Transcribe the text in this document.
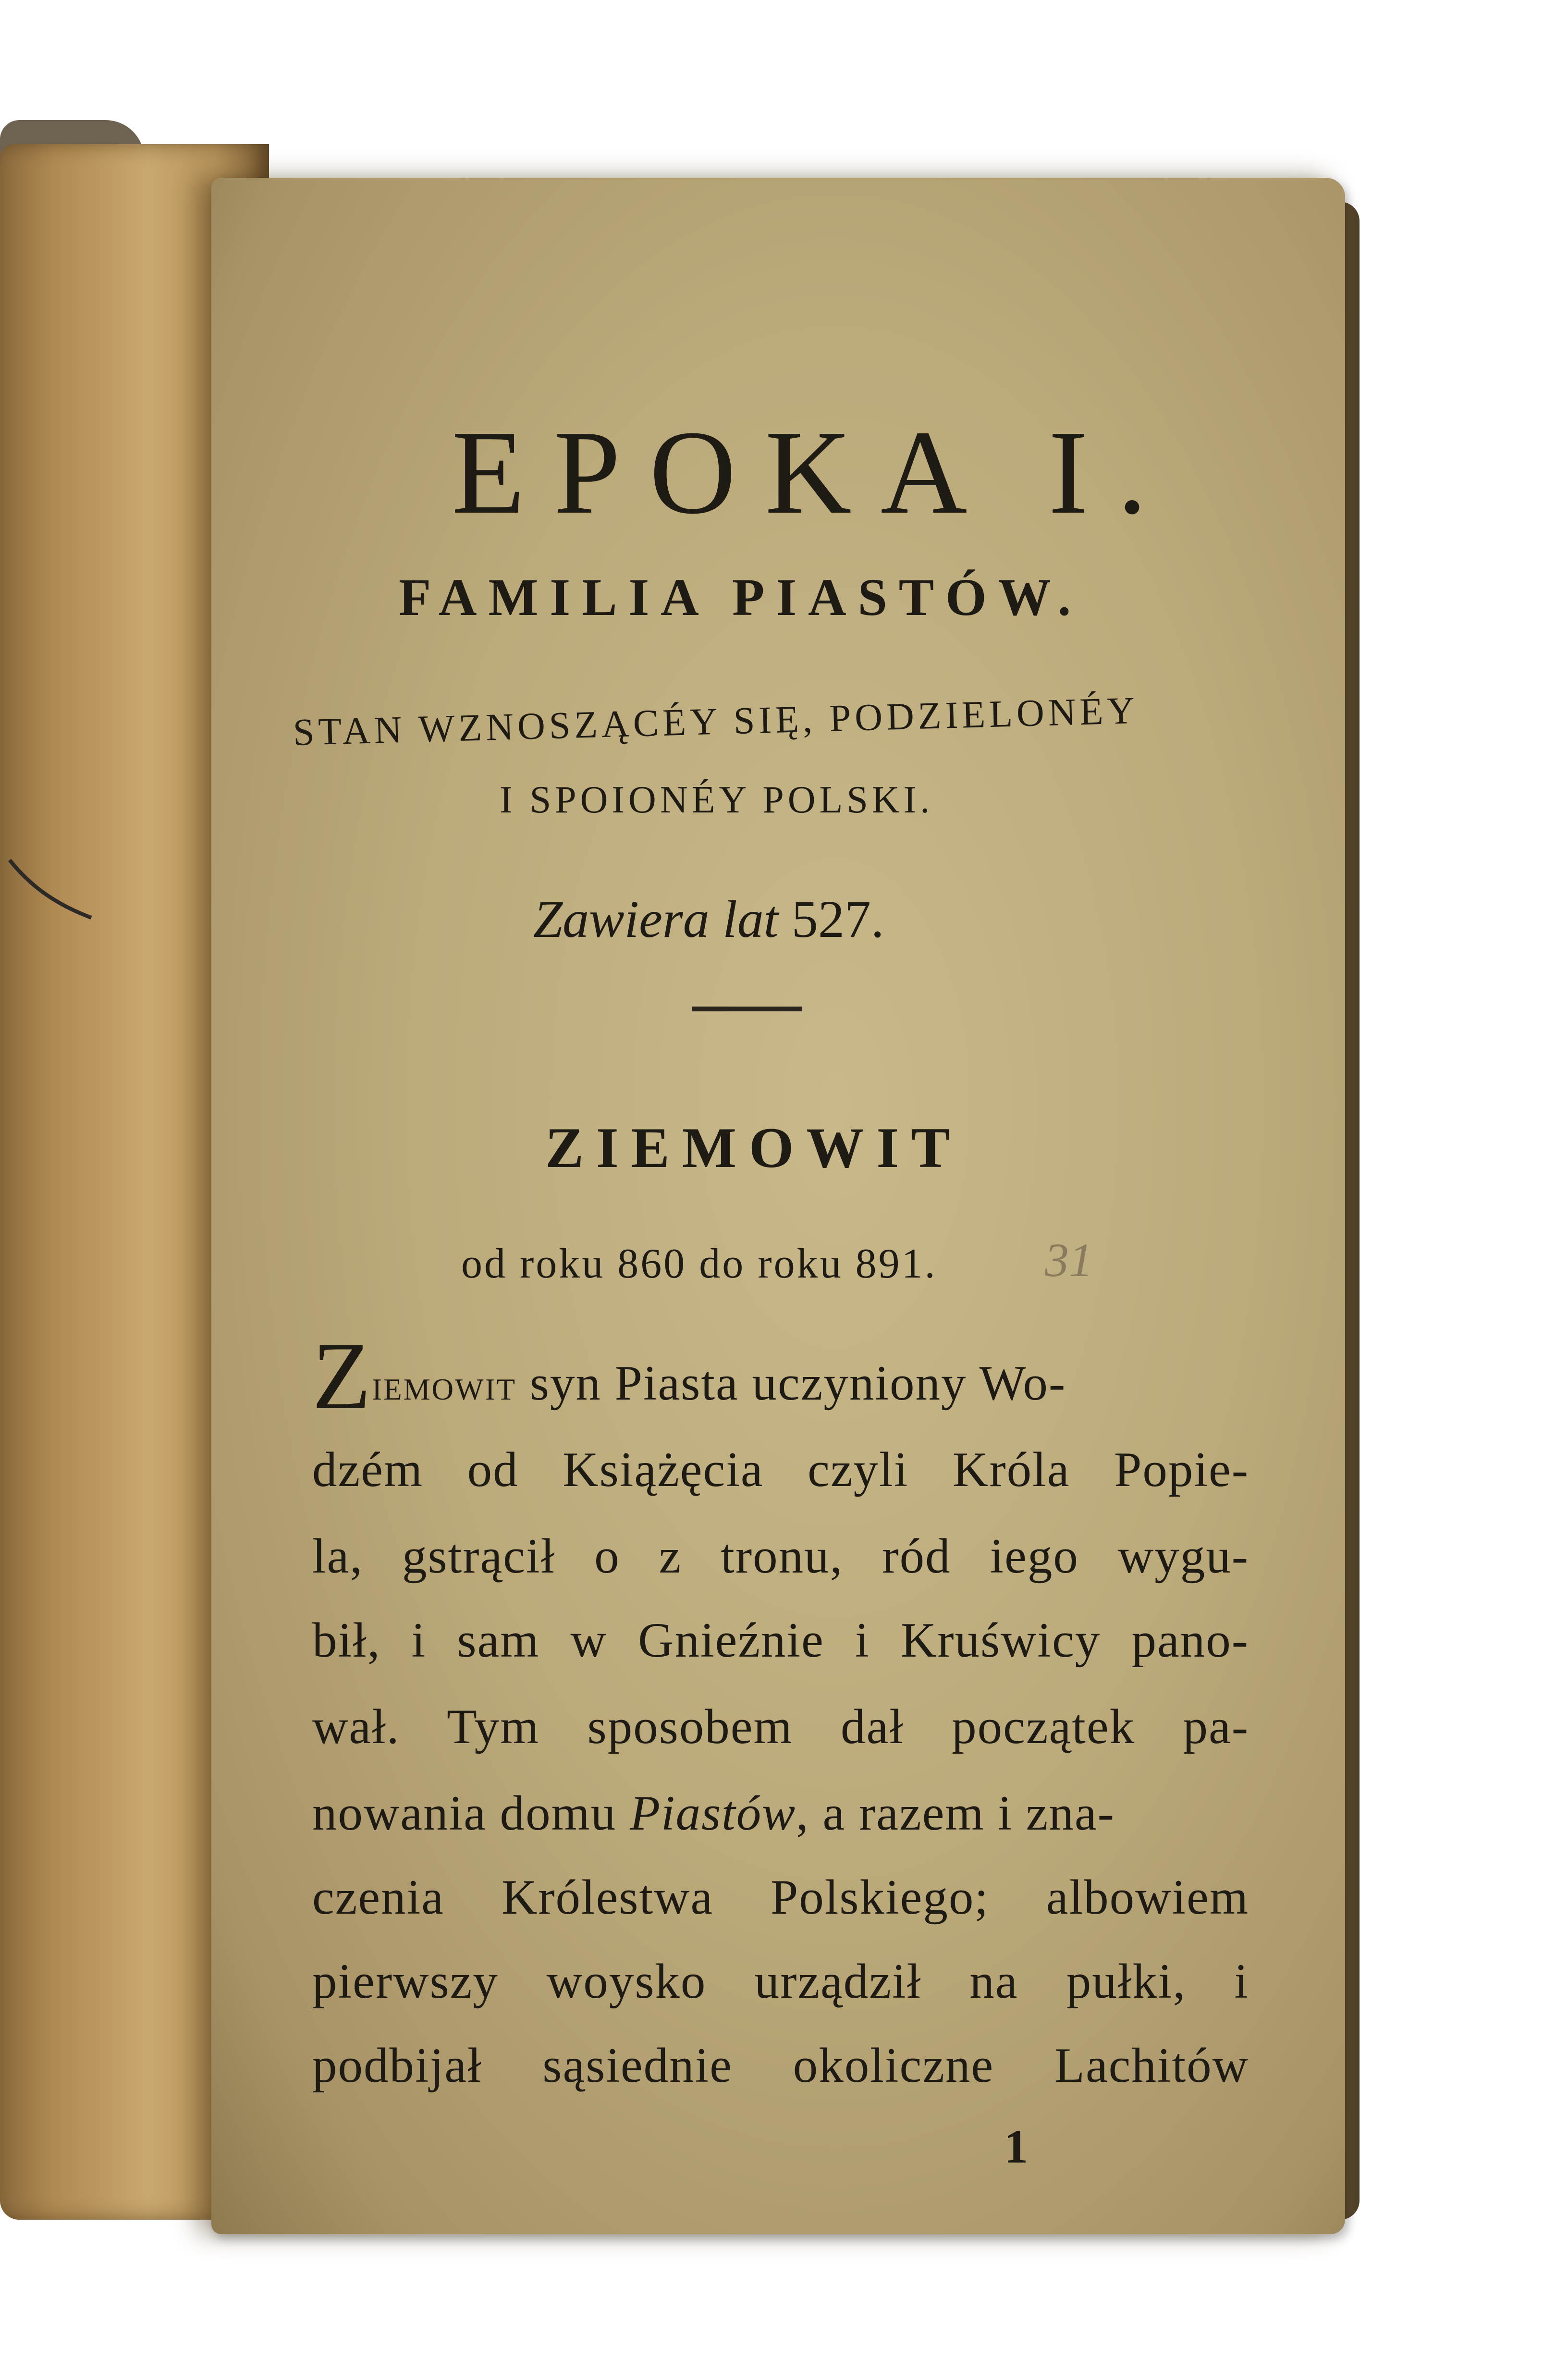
EPOKA I.
FAMILIA PIASTÓW.
STAN WZNOSZĄCÉY SIĘ, PODZIELONÉY
I SPOIONÉY POLSKI.
Zawiera lat 527.
ZIEMOWIT
od roku 860 do roku 891. 31
Ziemowit syn Piasta uczyniony Wo-
dzém od Książęcia czyli Króla Popie-
la, gstrącił o z tronu, ród iego wygu-
bił, i sam w Gnieźnie i Kruświcy pano-
wał. Tym sposobem dał początek pa-
nowania domu Piastów, a razem i zna-
czenia Królestwa Polskiego; albowiem
pierwszy woysko urządził na pułki, i
podbijał sąsiednie okoliczne Lachitów
1
